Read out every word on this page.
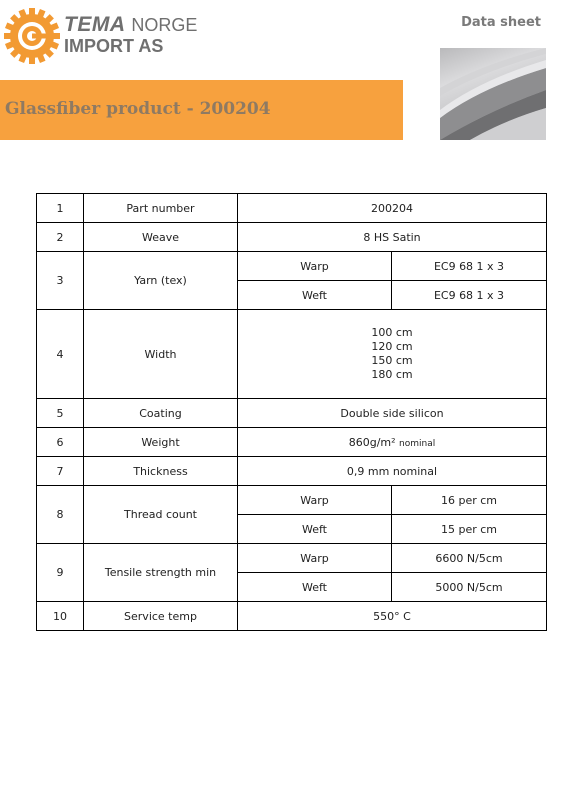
TEMA NORGE
IMPORT AS
Data sheet
Glassfiber product - 200204
1	Part number	200204	
2	Weave	8 HS Satin	
3	Yarn (tex)	Warp	EC9 68 1 x 3
		Weft	EC9 68 1 x 3
4	Width	100 cm
120 cm
150 cm
180 cm	

5	Coating	Double side silicon	
6	Weight	860g/m² nominal	
7	Thickness	0,9 mm nominal	
8	Thread count	Warp	16 per cm
		Weft	15 per cm
9	Tensile strength min	Warp	6600 N/5cm
		Weft	5000 N/5cm
10	Service temp	550° C	
